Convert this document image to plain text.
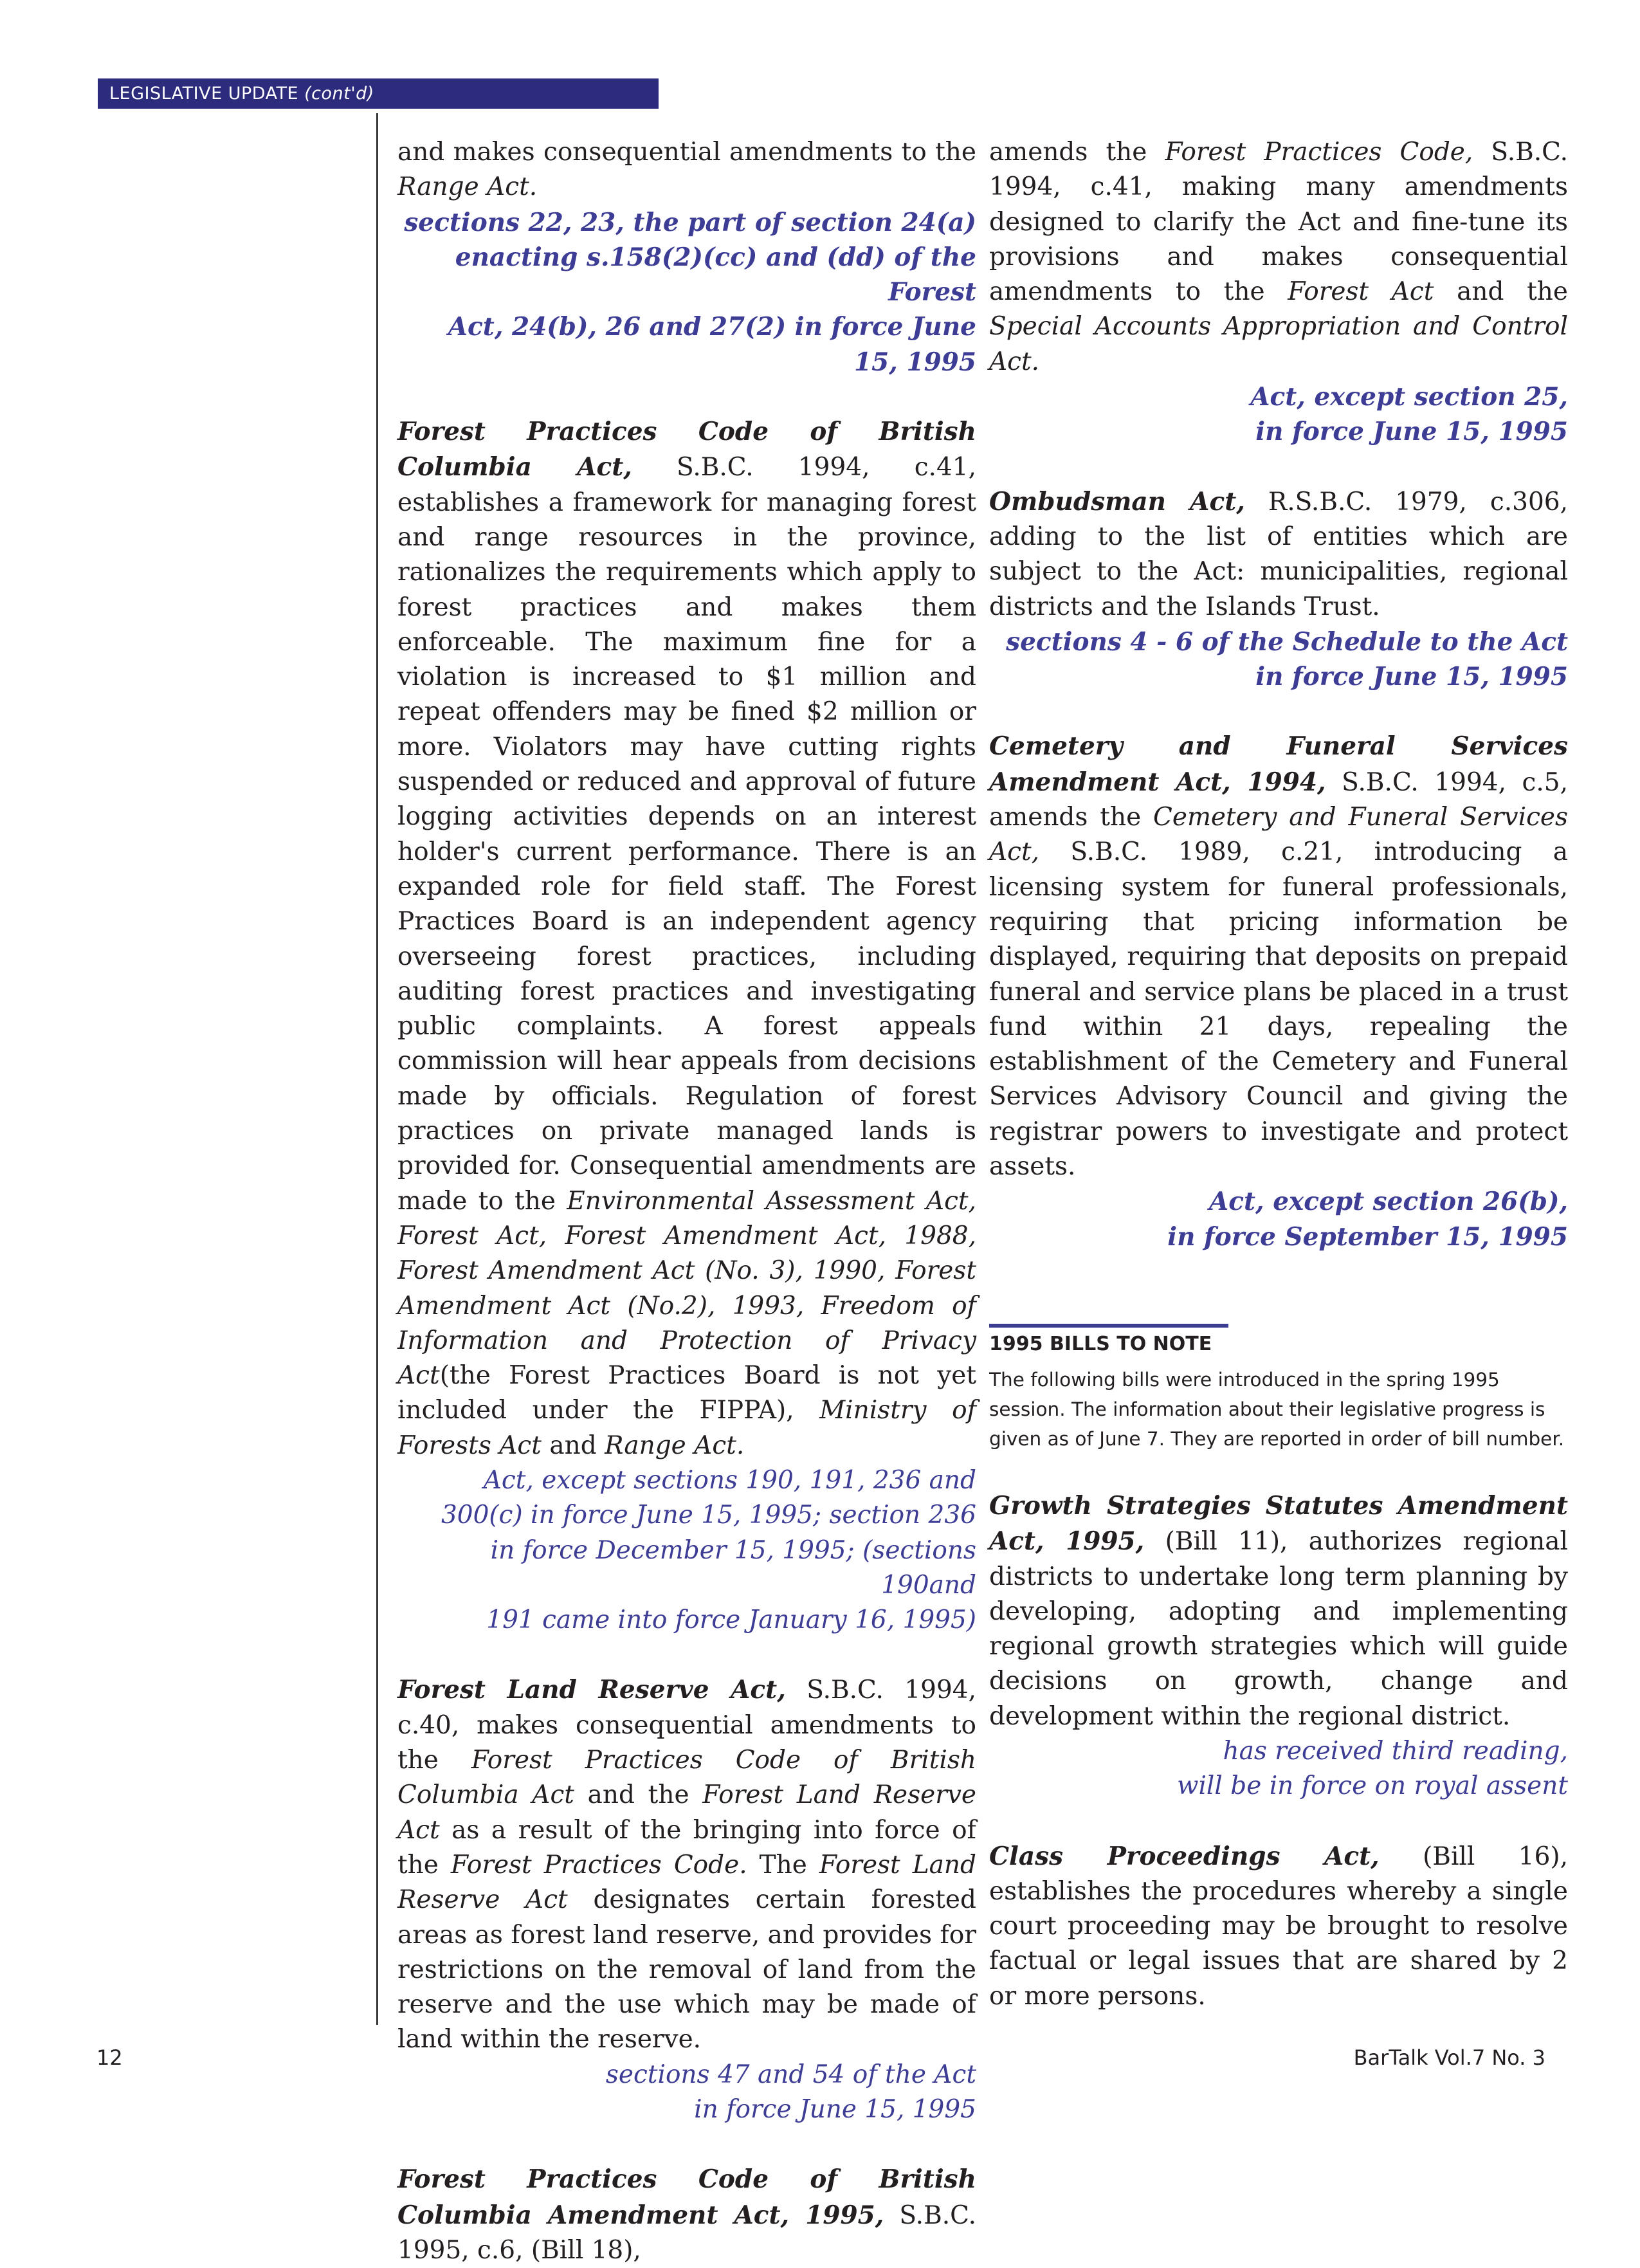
LEGISLATIVE UPDATE (cont'd)

and makes consequential amendments to the Range Act.

sections 22, 23, the part of section 24(a)
enacting s.158(2)(cc) and (dd) of the Forest
Act, 24(b), 26 and 27(2) in force June 15, 1995

Forest Practices Code of British Columbia Act, S.B.C. 1994, c.41, establishes a framework for managing forest and range resources in the province, rationalizes the requirements which apply to forest practices and makes them enforceable. The maximum fine for a violation is increased to $1 million and repeat offenders may be fined $2 million or more. Violators may have cutting rights suspended or reduced and approval of future logging activities depends on an interest holder's current performance. There is an expanded role for field staff. The Forest Practices Board is an independent agency overseeing forest practices, including auditing forest practices and investigating public complaints. A forest appeals commission will hear appeals from decisions made by officials. Regulation of forest practices on private managed lands is provided for. Consequential amendments are made to the Environmental Assessment Act, Forest Act, Forest Amendment Act, 1988, Forest Amendment Act (No. 3), 1990, Forest Amendment Act (No.2), 1993, Freedom of Information and Protection of Privacy Act(the Forest Practices Board is not yet included under the FIPPA), Ministry of Forests Act and Range Act.

Act, except sections 190, 191, 236 and
300(c) in force June 15, 1995; section 236
in force December 15, 1995; (sections 190and
191 came into force January 16, 1995)

Forest Land Reserve Act, S.B.C. 1994, c.40, makes consequential amendments to the Forest Practices Code of British Columbia Act and the Forest Land Reserve Act as a result of the bringing into force of the Forest Practices Code. The Forest Land Reserve Act designates certain forested areas as forest land reserve, and provides for restrictions on the removal of land from the reserve and the use which may be made of land within the reserve.

sections 47 and 54 of the Act
in force June 15, 1995

Forest Practices Code of British Columbia Amendment Act, 1995, S.B.C. 1995, c.6, (Bill 18),

amends the Forest Practices Code, S.B.C. 1994, c.41, making many amendments designed to clarify the Act and fine-tune its provisions and makes consequential amendments to the Forest Act and the Special Accounts Appropriation and Control Act.

Act, except section 25,
in force June 15, 1995

Ombudsman Act, R.S.B.C. 1979, c.306, adding to the list of entities which are subject to the Act: municipalities, regional districts and the Islands Trust.

sections 4 - 6 of the Schedule to the Act
in force June 15, 1995

Cemetery and Funeral Services Amendment Act, 1994, S.B.C. 1994, c.5, amends the Cemetery and Funeral Services Act, S.B.C. 1989, c.21, introducing a licensing system for funeral professionals, requiring that pricing information be displayed, requiring that deposits on prepaid funeral and service plans be placed in a trust fund within 21 days, repealing the establishment of the Cemetery and Funeral Services Advisory Council and giving the registrar powers to investigate and protect assets.

Act, except section 26(b),
in force September 15, 1995

1995 BILLS TO NOTE

The following bills were introduced in the spring 1995 session. The information about their legislative progress is given as of June 7. They are reported in order of bill number.

Growth Strategies Statutes Amendment Act, 1995, (Bill 11), authorizes regional districts to undertake long term planning by developing, adopting and implementing regional growth strategies which will guide decisions on growth, change and development within the regional district.

has received third reading,
will be in force on royal assent

Class Proceedings Act, (Bill 16), establishes the procedures whereby a single court proceeding may be brought to resolve factual or legal issues that are shared by 2 or more persons.

12	BarTalk Vol.7 No. 3
